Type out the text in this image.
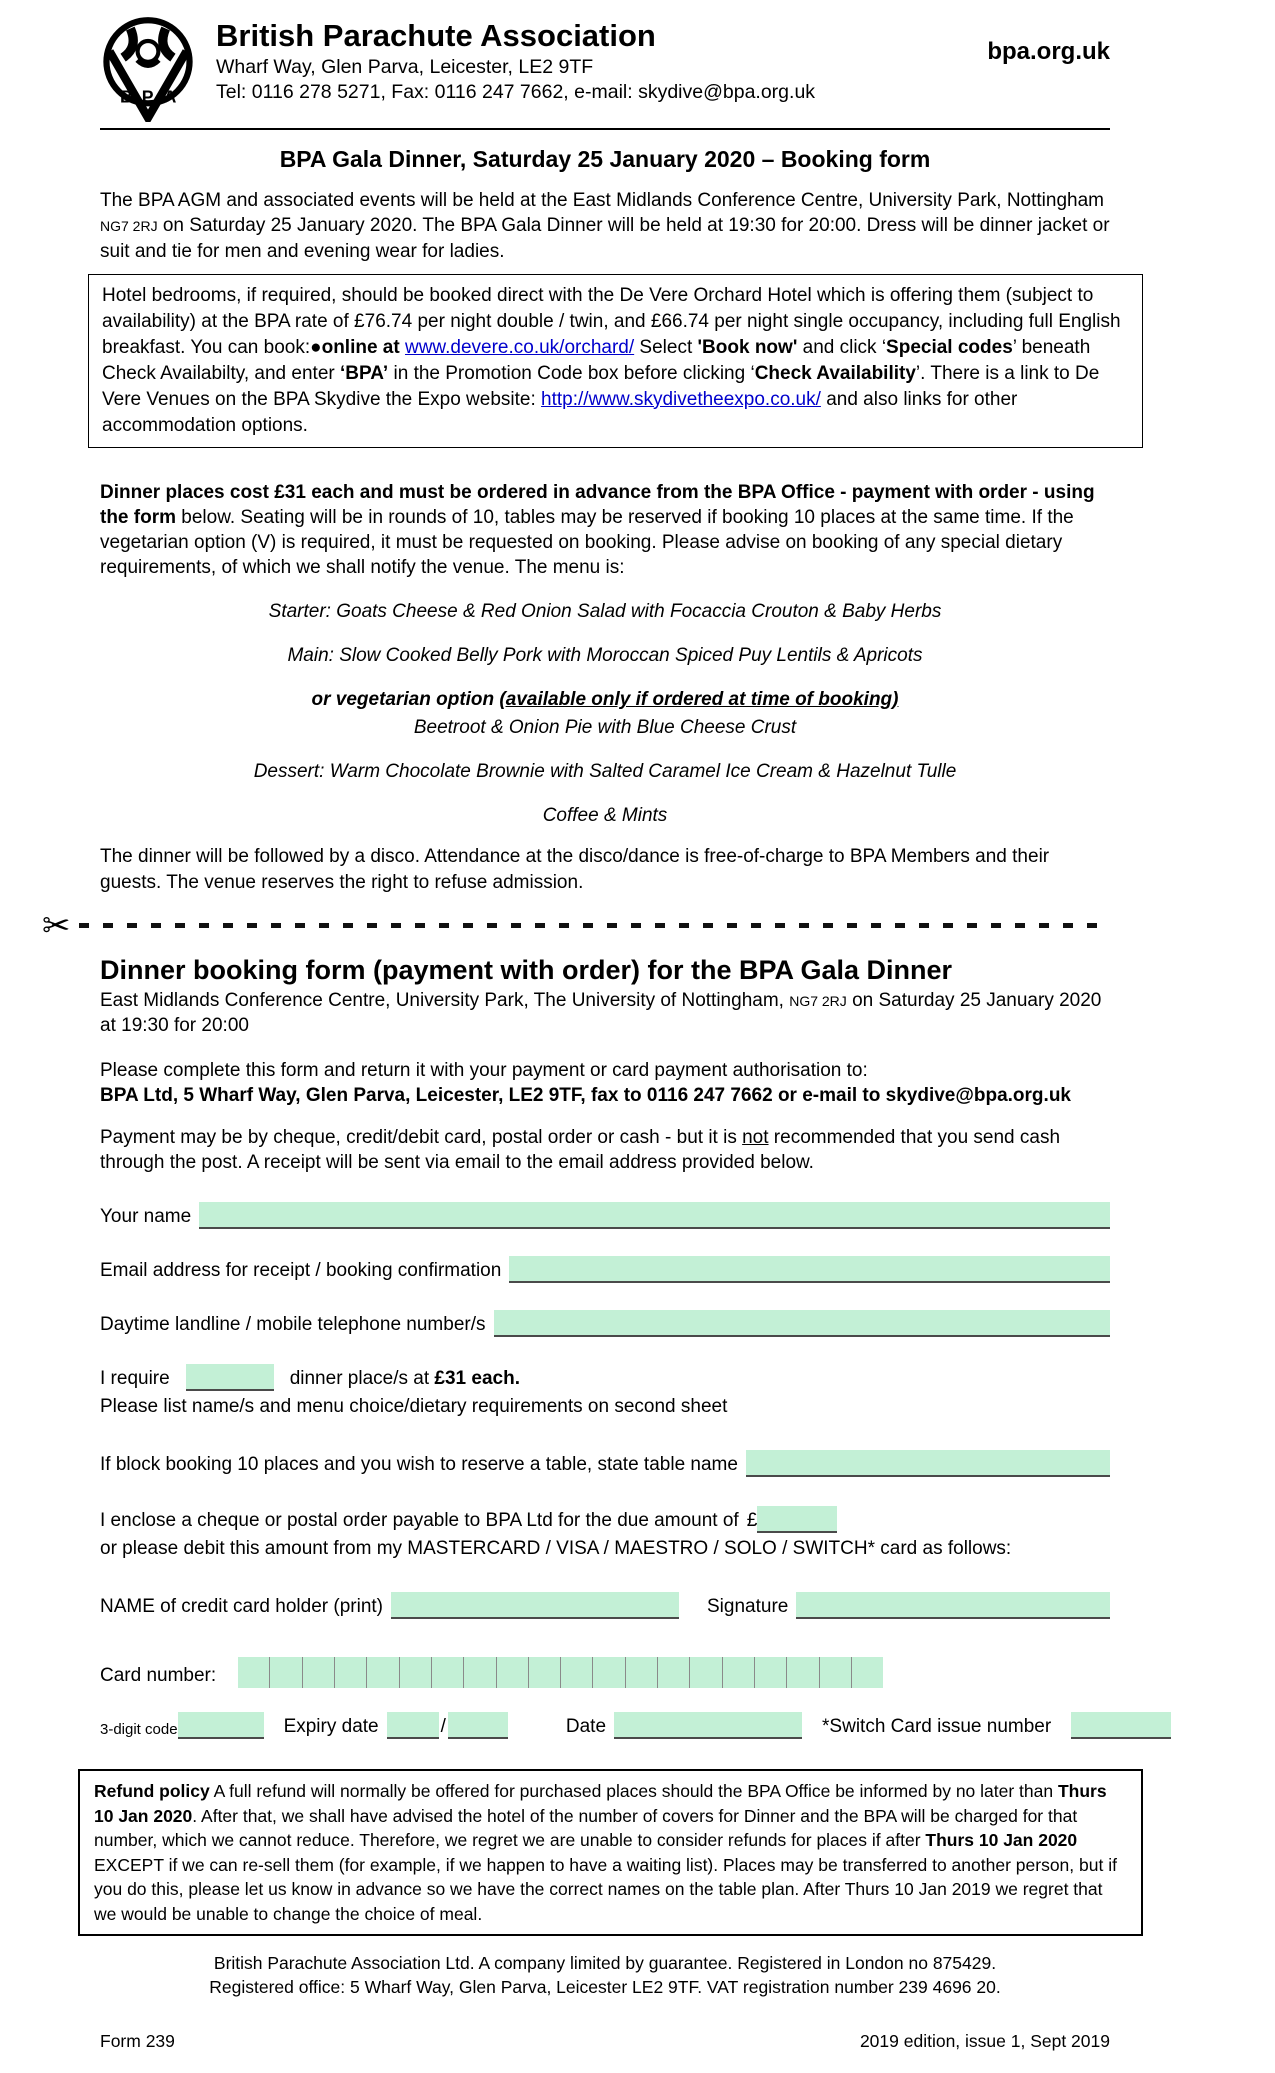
B P A
British Parachute Association
Wharf Way, Glen Parva, Leicester, LE2 9TF
Tel: 0116 278 5271, Fax: 0116 247 7662, e-mail: skydive@bpa.org.uk
bpa.org.uk
BPA Gala Dinner, Saturday 25 January 2020 – Booking form

The BPA AGM and associated events will be held at the East Midlands Conference Centre, University Park, Nottingham NG7 2RJ on Saturday 25 January 2020. The BPA Gala Dinner will be held at 19:30 for 20:00. Dress will be dinner jacket or suit and tie for men and evening wear for ladies.

Hotel bedrooms, if required, should be booked direct with the De Vere Orchard Hotel which is offering them (subject to availability) at the BPA rate of £76.74 per night double / twin, and £66.74 per night single occupancy, including full English breakfast. You can book:●online at www.devere.co.uk/orchard/ Select 'Book now' and click ‘Special codes’ beneath Check Availabilty, and enter ‘BPA’ in the Promotion Code box before clicking ‘Check Availability’. There is a link to De Vere Venues on the BPA Skydive the Expo website: http://www.skydivetheexpo.co.uk/ and also links for other accommodation options.

Dinner places cost £31 each and must be ordered in advance from the BPA Office - payment with order - using the form below. Seating will be in rounds of 10, tables may be reserved if booking 10 places at the same time. If the vegetarian option (V) is required, it must be requested on booking. Please advise on booking of any special dietary requirements, of which we shall notify the venue. The menu is:

Starter: Goats Cheese & Red Onion Salad with Focaccia Crouton & Baby Herbs

Main: Slow Cooked Belly Pork with Moroccan Spiced Puy Lentils & Apricots

or vegetarian option (available only if ordered at time of booking)

Beetroot & Onion Pie with Blue Cheese Crust

Dessert: Warm Chocolate Brownie with Salted Caramel Ice Cream & Hazelnut Tulle

Coffee & Mints

The dinner will be followed by a disco. Attendance at the disco/dance is free-of-charge to BPA Members and their guests. The venue reserves the right to refuse admission.

✂
Dinner booking form (payment with order) for the BPA Gala Dinner

East Midlands Conference Centre, University Park, The University of Nottingham, NG7 2RJ on Saturday 25 January 2020 at 19:30 for 20:00

Please complete this form and return it with your payment or card payment authorisation to:

BPA Ltd, 5 Wharf Way, Glen Parva, Leicester, LE2 9TF, fax to 0116 247 7662 or e-mail to skydive@bpa.org.uk

Payment may be by cheque, credit/debit card, postal order or cash - but it is not recommended that you send cash through the post. A receipt will be sent via email to the email address provided below.

Your name
Email address for receipt / booking confirmation
Daytime landline / mobile telephone number/s
I require	dinner place/s at £31 each.

Please list name/s and menu choice/dietary requirements on second sheet

If block booking 10 places and you wish to reserve a table, state table name
I enclose a cheque or postal order payable to BPA Ltd for the due amount of £

or please debit this amount from my MASTERCARD / VISA / MAESTRO / SOLO / SWITCH* card as follows:

NAME of credit card holder (print)	Signature
Card number:
3-digit code	Expiry date	/	Date	*Switch Card issue number
Refund policy A full refund will normally be offered for purchased places should the BPA Office be informed by no later than Thurs 10 Jan 2020. After that, we shall have advised the hotel of the number of covers for Dinner and the BPA will be charged for that number, which we cannot reduce. Therefore, we regret we are unable to consider refunds for places if after Thurs 10 Jan 2020 EXCEPT if we can re-sell them (for example, if we happen to have a waiting list). Places may be transferred to another person, but if you do this, please let us know in advance so we have the correct names on the table plan. After Thurs 10 Jan 2019 we regret that we would be unable to change the choice of meal.
British Parachute Association Ltd. A company limited by guarantee. Registered in London no 875429.
Registered office: 5 Wharf Way, Glen Parva, Leicester LE2 9TF. VAT registration number 239 4696 20.
Form 239	2019 edition, issue 1, Sept 2019
